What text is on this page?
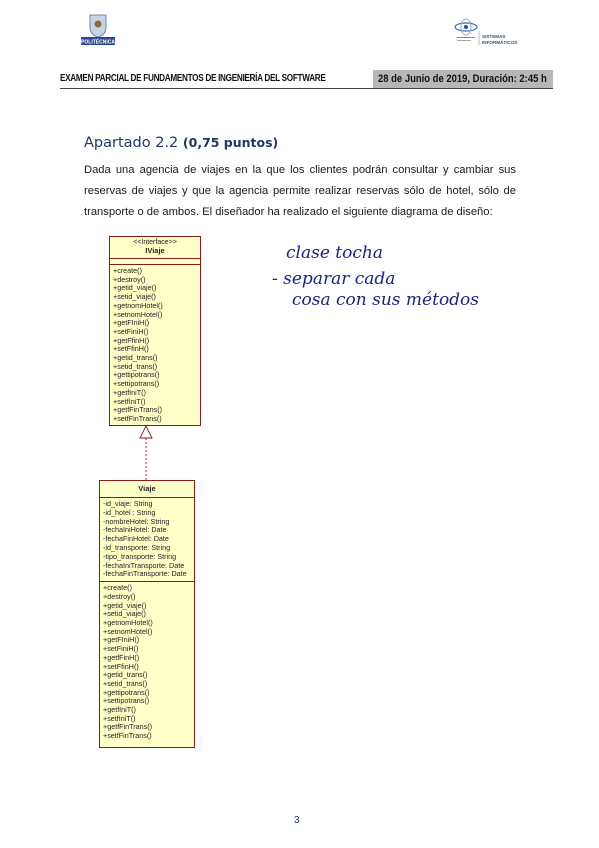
POLITÉCNICA
SISTEMAS
INFORMÁTICOS
EXAMEN PARCIAL DE FUNDAMENTOS DE INGENIERÍA DEL SOFTWARE	28 de Junio de 2019, Duración: 2:45 h
Apartado 2.2 (0,75 puntos)
Dada una agencia de viajes en la que los clientes podrán consultar y cambiar sus reservas de viajes y que la agencia permite realizar reservas sólo de hotel, sólo de transporte o de ambos. El diseñador ha realizado el siguiente diagrama de diseño:
<<Interface>>
IViaje
+create()
+destroy()
+getid_viaje()
+setid_viaje()
+getnomHotel()
+setnomHotel()
+getFIniH()
+setFiniH()
+getFfinH()
+setFfinH()
+getid_trans()
+setid_trans()
+gettipotrans()
+settipotrans()
+getfIniT()
+setfIniT()
+getfFinTrans()
+setfFinTrans()
Viaje
-id_viaje: String
-id_hotel : String
-nombreHotel: String
-fechaIniHotel: Date
-fechaFinHotel: Date
-id_transporte: String
-tipo_transporte: String
-fechaIniTransporte: Date
-fechaFinTransporte: Date
+create()
+destroy()
+getid_viaje()
+setid_viaje()
+getnomHotel()
+setnomHotel()
+getFIniH()
+setFiniH()
+getfFinH()
+setFfinH()
+getid_trans()
+setid_trans()
+gettipotrans()
+settipotrans()
+getfIniT()
+setfIniT()
+getfFinTrans()
+setfFinTrans()
clase tocha
- separar cada
cosa con sus métodos
3
